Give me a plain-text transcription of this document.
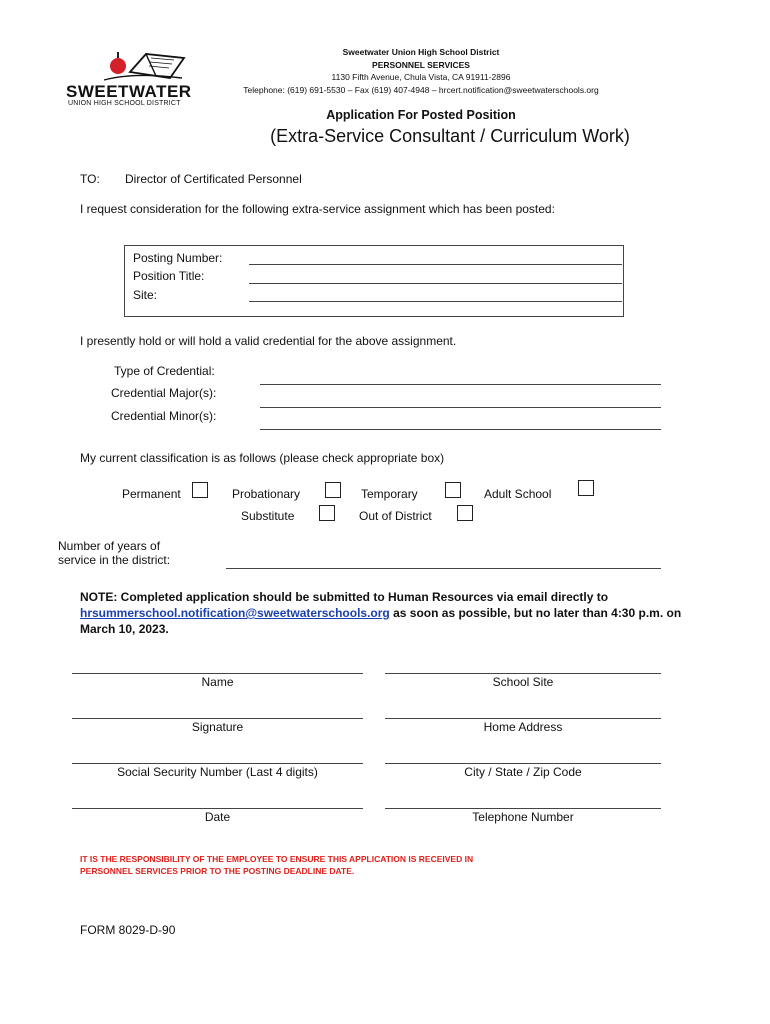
SWEETWATER
UNION HIGH SCHOOL DISTRICT
Sweetwater Union High School District
PERSONNEL SERVICES
1130 Fifth Avenue, Chula Vista, CA 91911-2896
Telephone: (619) 691-5530 – Fax (619) 407-4948 – hrcert.notification@sweetwaterschools.org
Application For Posted Position
(Extra-Service Consultant / Curriculum Work)
TO: Director of Certificated Personnel
I request consideration for the following extra-service assignment which has been posted:
Posting Number:
Position Title:
Site:
I presently hold or will hold a valid credential for the above assignment.
Type of Credential:
Credential Major(s):
Credential Minor(s):
My current classification is as follows (please check appropriate box)
Permanent	Probationary	Temporary	Adult School
Substitute	Out of District
Number of years of
service in the district:
NOTE: Completed application should be submitted to Human Resources via email directly to
hrsummerschool.notification@sweetwaterschools.org as soon as possible, but no later than 4:30 p.m. on
March 10, 2023.
Name	School Site
Signature	Home Address
Social Security Number (Last 4 digits)	City / State / Zip Code
Date	Telephone Number
IT IS THE RESPONSIBILITY OF THE EMPLOYEE TO ENSURE THIS APPLICATION IS RECEIVED IN
PERSONNEL SERVICES PRIOR TO THE POSTING DEADLINE DATE.
FORM 8029-D-90
